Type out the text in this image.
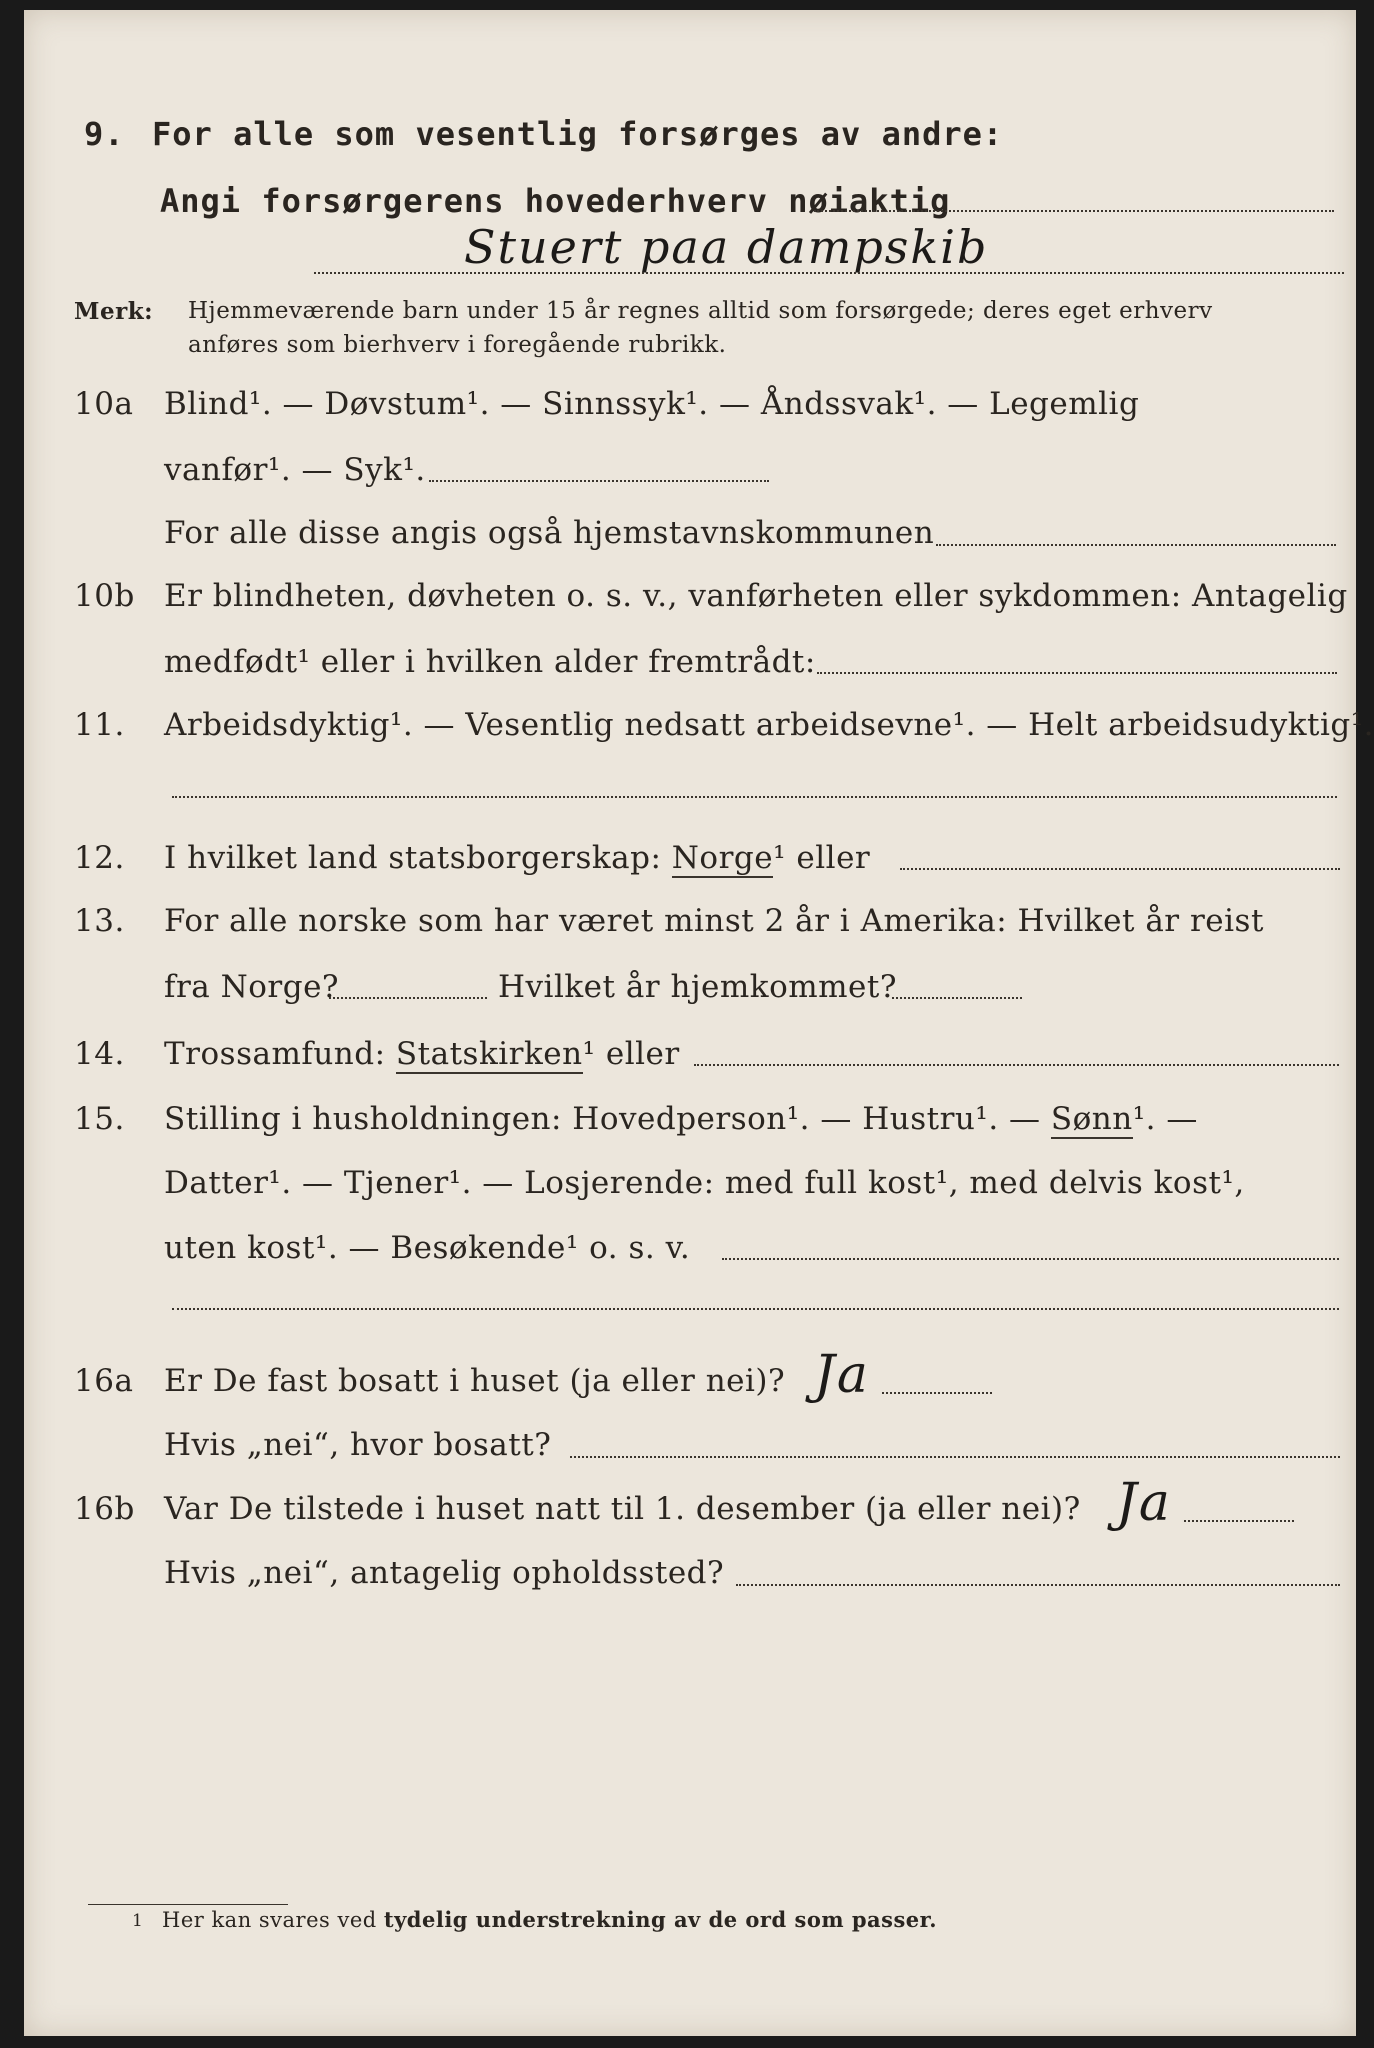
9. For alle som vesentlig forsørges av andre:
Angi forsørgerens hovederhverv nøiaktig
Stuert paa dampskib
Merk: Hjemmeværende barn under 15 år regnes alltid som forsørgede; deres eget erhverv
anføres som bierhverv i foregående rubrikk.
10a Blind¹. — Døvstum¹. — Sinnssyk¹. — Åndssvak¹. — Legemlig
vanfør¹. — Syk¹.
For alle disse angis også hjemstavnskommunen
10b Er blindheten, døvheten o. s. v., vanførheten eller sykdommen: Antagelig
medfødt¹ eller i hvilken alder fremtrådt:
11. Arbeidsdyktig¹. — Vesentlig nedsatt arbeidsevne¹. — Helt arbeidsudyktig¹.
12. I hvilket land statsborgerskap: Norge¹ eller
13. For alle norske som har været minst 2 år i Amerika: Hvilket år reist
fra Norge?	Hvilket år hjemkommet?
14. Trossamfund: Statskirken¹ eller
15. Stilling i husholdningen: Hovedperson¹. — Hustru¹. — Sønn¹. —
Datter¹. — Tjener¹. — Losjerende: med full kost¹, med delvis kost¹,
uten kost¹. — Besøkende¹ o. s. v.
16a Er De fast bosatt i huset (ja eller nei)? Ja
Hvis „nei“, hvor bosatt?
16b Var De tilstede i huset natt til 1. desember (ja eller nei)? Ja
Hvis „nei“, antagelig opholdssted?
1 Her kan svares ved tydelig understrekning av de ord som passer.
